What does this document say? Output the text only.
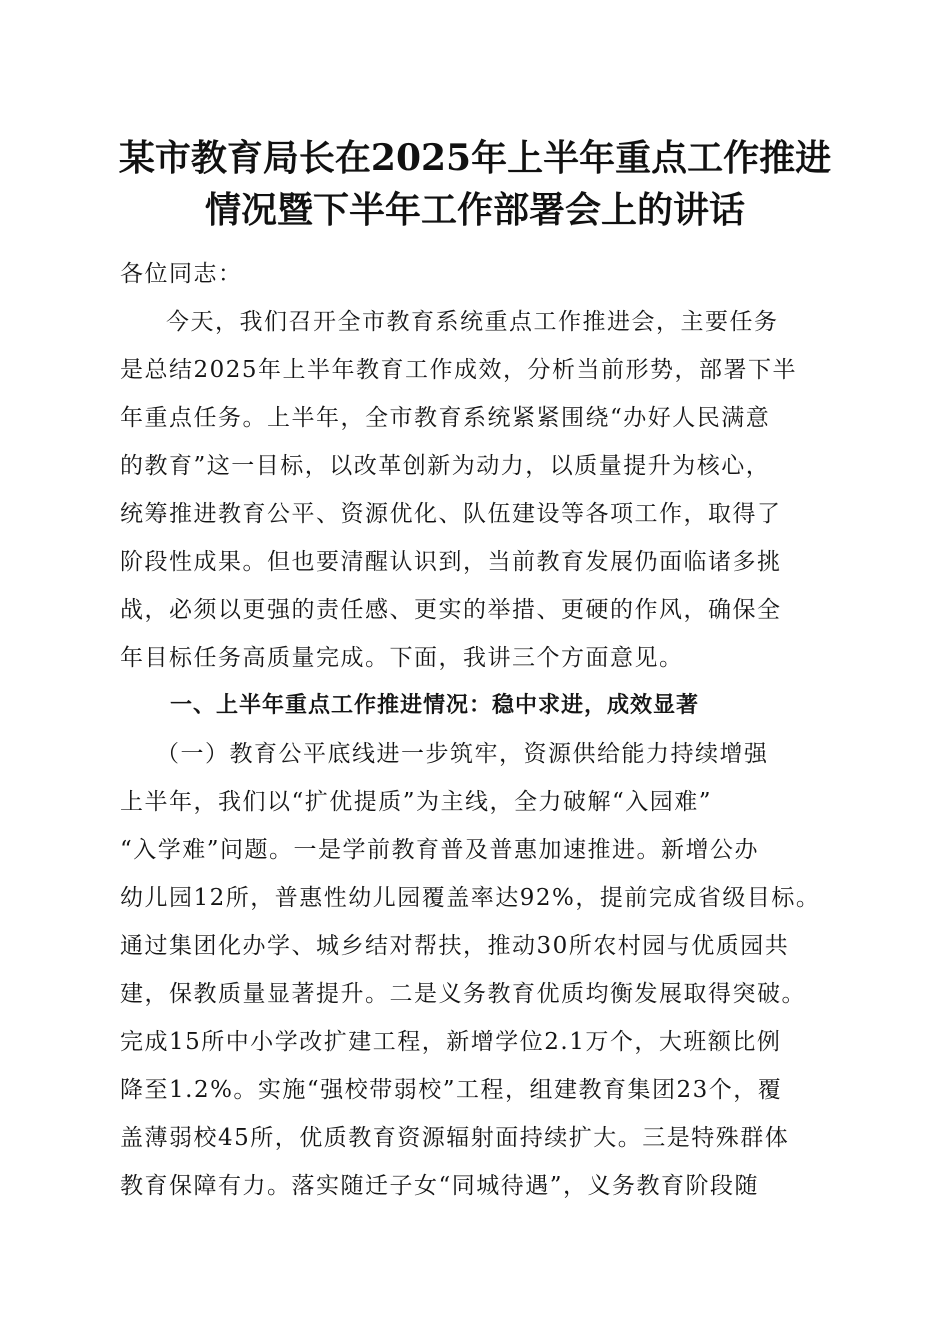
某市教育局长在2025年上半年重点工作推进
情况暨下半年工作部署会上的讲话
各位同志：
今天，我们召开全市教育系统重点工作推进会，主要任务
是总结2025年上半年教育工作成效，分析当前形势，部署下半
年重点任务。上半年，全市教育系统紧紧围绕“办好人民满意
的教育”这一目标，以改革创新为动力，以质量提升为核心，
统筹推进教育公平、资源优化、队伍建设等各项工作，取得了
阶段性成果。但也要清醒认识到，当前教育发展仍面临诸多挑
战，必须以更强的责任感、更实的举措、更硬的作风，确保全
年目标任务高质量完成。下面，我讲三个方面意见。
一、上半年重点工作推进情况：稳中求进，成效显著
（一）教育公平底线进一步筑牢，资源供给能力持续增强
上半年，我们以“扩优提质”为主线，全力破解“入园难”
“入学难”问题。一是学前教育普及普惠加速推进。新增公办
幼儿园12所，普惠性幼儿园覆盖率达92%，提前完成省级目标。
通过集团化办学、城乡结对帮扶，推动30所农村园与优质园共
建，保教质量显著提升。二是义务教育优质均衡发展取得突破。
完成15所中小学改扩建工程，新增学位2.1万个，大班额比例
降至1.2%。实施“强校带弱校”工程，组建教育集团23个，覆
盖薄弱校45所，优质教育资源辐射面持续扩大。三是特殊群体
教育保障有力。落实随迁子女“同城待遇”，义务教育阶段随
